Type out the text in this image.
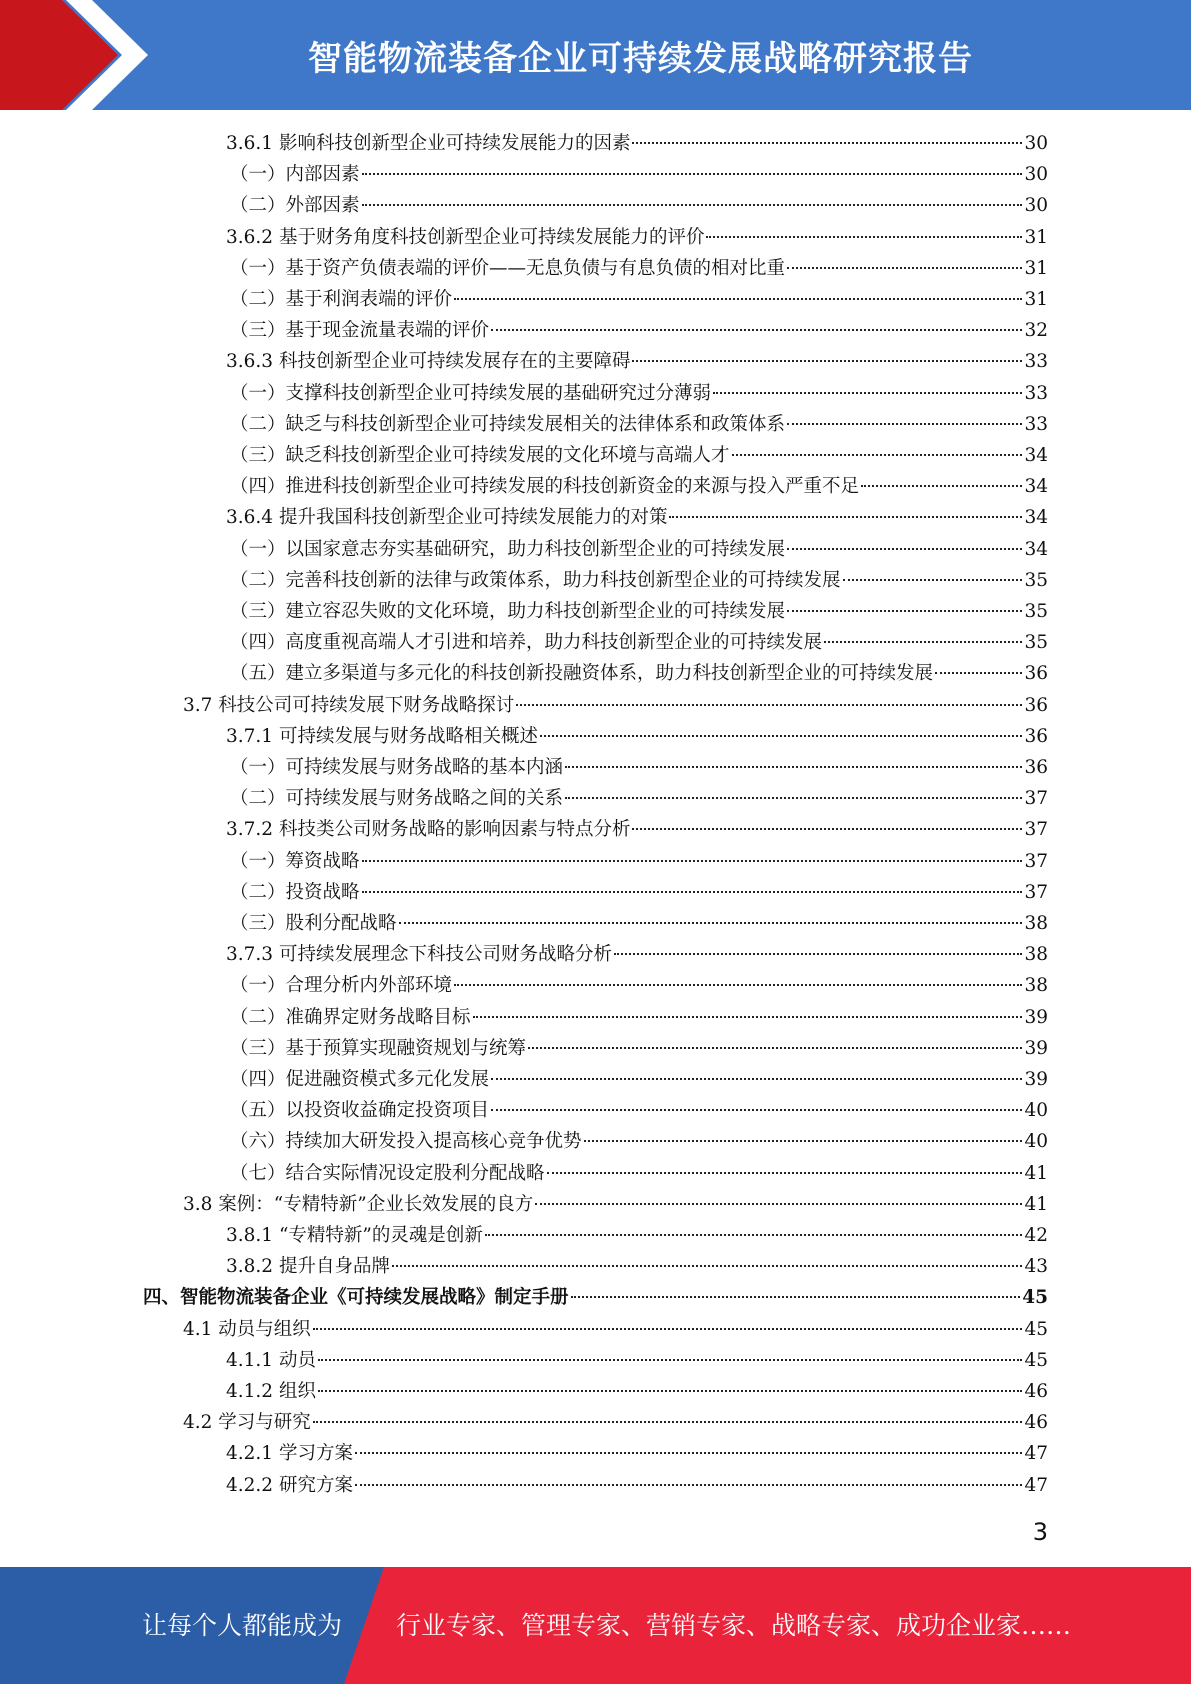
智能物流装备企业可持续发展战略研究报告
3.6.1 影响科技创新型企业可持续发展能力的因素	30
（一）内部因素	30
（二）外部因素	30
3.6.2 基于财务角度科技创新型企业可持续发展能力的评价	31
（一）基于资产负债表端的评价——无息负债与有息负债的相对比重	31
（二）基于利润表端的评价	31
（三）基于现金流量表端的评价	32
3.6.3 科技创新型企业可持续发展存在的主要障碍	33
（一）支撑科技创新型企业可持续发展的基础研究过分薄弱	33
（二）缺乏与科技创新型企业可持续发展相关的法律体系和政策体系	33
（三）缺乏科技创新型企业可持续发展的文化环境与高端人才	34
（四）推进科技创新型企业可持续发展的科技创新资金的来源与投入严重不足	34
3.6.4 提升我国科技创新型企业可持续发展能力的对策	34
（一）以国家意志夯实基础研究，助力科技创新型企业的可持续发展	34
（二）完善科技创新的法律与政策体系，助力科技创新型企业的可持续发展	35
（三）建立容忍失败的文化环境，助力科技创新型企业的可持续发展	35
（四）高度重视高端人才引进和培养，助力科技创新型企业的可持续发展	35
（五）建立多渠道与多元化的科技创新投融资体系，助力科技创新型企业的可持续发展	36
3.7 科技公司可持续发展下财务战略探讨	36
3.7.1 可持续发展与财务战略相关概述	36
（一）可持续发展与财务战略的基本内涵	36
（二）可持续发展与财务战略之间的关系	37
3.7.2 科技类公司财务战略的影响因素与特点分析	37
（一）筹资战略	37
（二）投资战略	37
（三）股利分配战略	38
3.7.3 可持续发展理念下科技公司财务战略分析	38
（一）合理分析内外部环境	38
（二）准确界定财务战略目标	39
（三）基于预算实现融资规划与统筹	39
（四）促进融资模式多元化发展	39
（五）以投资收益确定投资项目	40
（六）持续加大研发投入提高核心竞争优势	40
（七）结合实际情况设定股利分配战略	41
3.8 案例：“专精特新”企业长效发展的良方	41
3.8.1 “专精特新”的灵魂是创新	42
3.8.2 提升自身品牌	43
四、智能物流装备企业《可持续发展战略》制定手册	45
4.1 动员与组织	45
4.1.1 动员	45
4.1.2 组织	46
4.2 学习与研究	46
4.2.1 学习方案	47
4.2.2 研究方案	47
3
让每个人都能成为 行业专家、管理专家、营销专家、战略专家、成功企业家……
